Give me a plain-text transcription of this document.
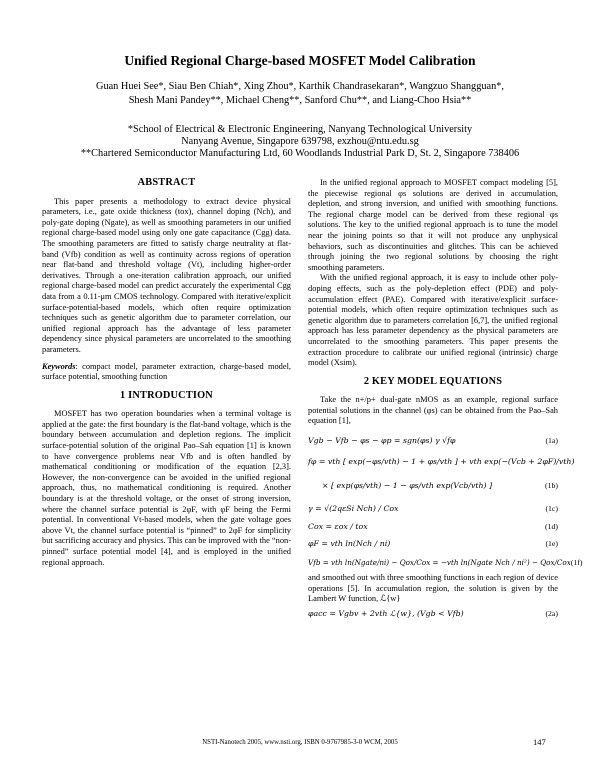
Unified Regional Charge-based MOSFET Model Calibration
Guan Huei See*, Siau Ben Chiah*, Xing Zhou*, Karthik Chandrasekaran*, Wangzuo Shangguan*,
Shesh Mani Pandey**, Michael Cheng**, Sanford Chu**, and Liang-Choo Hsia**
*School of Electrical & Electronic Engineering, Nanyang Technological University
Nanyang Avenue, Singapore 639798, exzhou@ntu.edu.sg
**Chartered Semiconductor Manufacturing Ltd, 60 Woodlands Industrial Park D, St. 2, Singapore 738406
ABSTRACT

This paper presents a methodology to extract device physical parameters, i.e., gate oxide thickness (tox), channel doping (Nch), and poly-gate doping (Ngate), as well as smoothing parameters in our unified regional charge-based model using only one gate capacitance (Cgg) data. The smoothing parameters are fitted to satisfy charge neutrality at flat-band (Vfb) condition as well as continuity across regions of operation near flat-band and threshold voltage (Vt), including higher-order derivatives. Through a one-iteration calibration approach, our unified regional charge-based model can predict accurately the experimental Cgg data from a 0.11-μm CMOS technology. Compared with iterative/explicit surface-potential-based models, which often require optimization techniques such as genetic algorithm due to parameter correlation, our unified regional approach has the advantage of less parameter dependency since physical parameters are uncorrelated to the smoothing parameters.

Keywords: compact model, parameter extraction, charge-based model, surface potential, smoothing function

1 INTRODUCTION

MOSFET has two operation boundaries when a terminal voltage is applied at the gate: the first boundary is the flat-band voltage, which is the boundary between accumulation and depletion regions. The implicit surface-potential solution of the original Pao–Sah equation [1] is known to have convergence problems near Vfb and is often handled by mathematical conditioning or modification of the equation [2,3]. However, the non-convergence can be avoided in the unified regional approach, thus, no mathematical conditioning is required. Another boundary is at the threshold voltage, or the onset of strong inversion, where the channel surface potential is 2φF, with φF being the Fermi potential. In conventional Vt-based models, when the gate voltage goes above Vt, the channel surface potential is “pinned” to 2φF for simplicity but sacrificing accuracy and physics. This can be improved with the “non-pinned” surface potential model [4], and is employed in the unified regional approach.

In the unified regional approach to MOSFET compact modeling [5], the piecewise regional φs solutions are derived in accumulation, depletion, and strong inversion, and unified with smoothing functions. The regional charge model can be derived from these regional φs solutions. The key to the unified regional approach is to tune the model near the joining points so that it will not produce any unphysical behaviors, such as discontinuities and glitches. This can be achieved through joining the two regional solutions by choosing the right smoothing parameters.

With the unified regional approach, it is easy to include other poly-doping effects, such as the poly-depletion effect (PDE) and poly-accumulation effect (PAE). Compared with iterative/explicit surface-potential models, which often require optimization techniques such as genetic algorithm due to parameters correlation [6,7], the unified regional approach has less parameter dependency as the physical parameters are uncorrelated to the smoothing parameters. This paper presents the extraction procedure to calibrate our unified regional (intrinsic) charge model (Xsim).

2 KEY MODEL EQUATIONS

Take the n+/p+ dual-gate nMOS as an example, regional surface potential solutions in the channel (φs) can be obtained from the Pao–Sah equation [1],

Vgb − Vfb − φs − φp = sgn(φs) γ √fφ	(1a)
fφ = vth [ exp(−φs/vth) − 1 + φs/vth ] + vth exp(−(Vcb + 2φF)/vth)
× [ exp(φs/vth) − 1 − φs/vth exp(Vcb/vth) ]	(1b)
γ = √(2qεSi Nch) / Cox	(1c)
Cox = εox / tox	(1d)
φF = vth ln(Nch / ni)	(1e)
Vfb = vth ln(Ngate/ni) − Qox/Cox = −vth ln(Ngate Nch / ni²) − Qox/Cox (1f)

and smoothed out with three smoothing functions in each region of device operations [5]. In accumulation region, the solution is given by the Lambert W function, ℒ{w}

φacc = Vgbv + 2vth ℒ{w}, (Vgb < Vfb)	(2a)
NSTI-Nanotech 2005, www.nsti.org, ISBN 0-9767985-3-0 WCM, 2005	147
